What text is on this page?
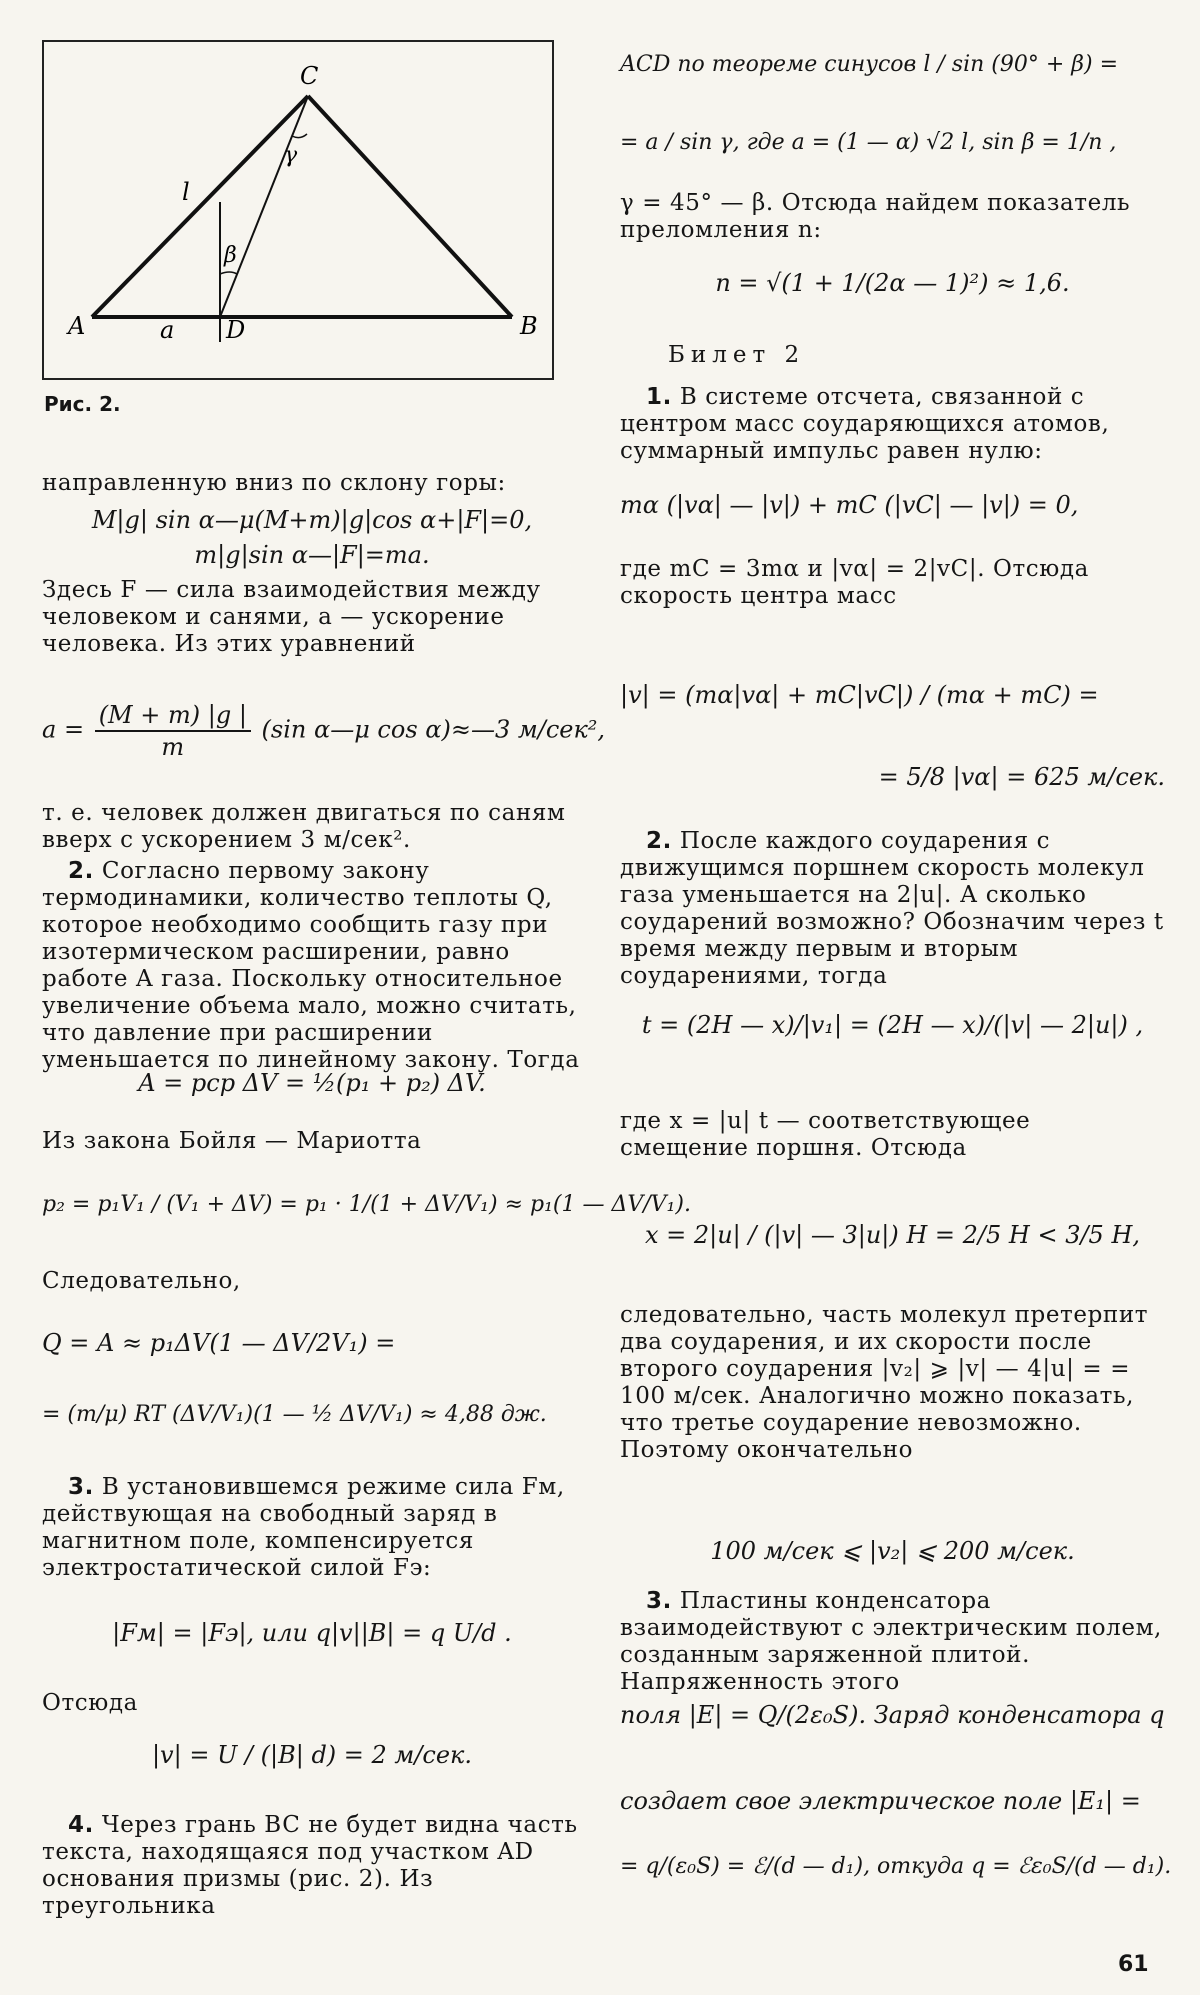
C
A	B
D
l
a
β
γ
Рис. 2.
направленную вниз по склону горы:
M|g| sin α—μ(M+m)|g|cos α+|F|=0,
m|g|sin α—|F|=ma.
Здесь F — сила взаимодействия между человеком и санями, a — ускорение человека. Из этих уравнений
$a = \frac{(M + m) |g |}{m} (\sin$ α—μ cos α)≈—3 м/сек²,
т. е. человек должен двигаться по саням вверх с ускорением 3 м/сек².
2. Согласно первому закону термодинамики, количество теплоты Q, которое необходимо сообщить газу при изотермическом расширении, равно работе A газа. Поскольку относительное увеличение объема мало, можно считать, что давление при расширении уменьшается по линейному закону. Тогда
A = pср ΔV = ½(p₁ + p₂) ΔV.
Из закона Бойля — Мариотта
p₂ = p₁V₁ / (V₁ + ΔV) = p₁ · 1/(1 + ΔV/V₁) ≈ p₁(1 — ΔV/V₁).
Следовательно,
Q = A ≈ p₁ΔV(1 — ΔV/2V₁) =
= (m/μ) RT (ΔV/V₁)(1 — ½ ΔV/V₁) ≈ 4,88 дж.
3. В установившемся режиме сила Fм, действующая на свободный заряд в магнитном поле, компенсируется электростатической силой Fэ:
|Fм| = |Fэ|, или q|v||B| = q U/d .
Отсюда
|v| = U / (|B| d) = 2 м/сек.
4. Через грань BC не будет видна часть текста, находящаяся под участком AD основания призмы (рис. 2). Из треугольника
ACD по теореме синусов l / sin (90° + β) =
= a / sin γ, где a = (1 — α) √2 l, sin β = 1/n ,
γ = 45° — β. Отсюда найдем показатель преломления n:
n = √(1 + 1/(2α — 1)²) ≈ 1,6.
Билет 2
1. В системе отсчета, связанной с центром масс соударяющихся атомов, суммарный импульс равен нулю:
mα (|vα| — |v|) + mC (|vC| — |v|) = 0,
где mC = 3mα и |vα| = 2|vC|. Отсюда скорость центра масс
|v| = (mα|vα| + mC|vC|) / (mα + mC) =
= 5/8 |vα| = 625 м/сек.
2. После каждого соударения с движущимся поршнем скорость молекул газа уменьшается на 2|u|. А сколько соударений возможно? Обозначим через t время между первым и вторым соударениями, тогда
t = (2H — x)/|v₁| = (2H — x)/(|v| — 2|u|) ,
где x = |u| t — соответствующее смещение поршня. Отсюда
x = 2|u| / (|v| — 3|u|) H = 2/5 H < 3/5 H,
следовательно, часть молекул претерпит два соударения, и их скорости после второго соударения |v₂| ⩾ |v| — 4|u| = = 100 м/сек. Аналогично можно показать, что третье соударение невозможно. Поэтому окончательно
100 м/сек ⩽ |v₂| ⩽ 200 м/сек.
3. Пластины конденсатора взаимодействуют с электрическим полем, созданным заряженной плитой. Напряженность этого
поля |E| = Q/(2ε₀S). Заряд конденсатора q
создает свое электрическое поле |E₁| =
= q/(ε₀S) = ℰ/(d — d₁), откуда q = ℰε₀S/(d — d₁).
61
